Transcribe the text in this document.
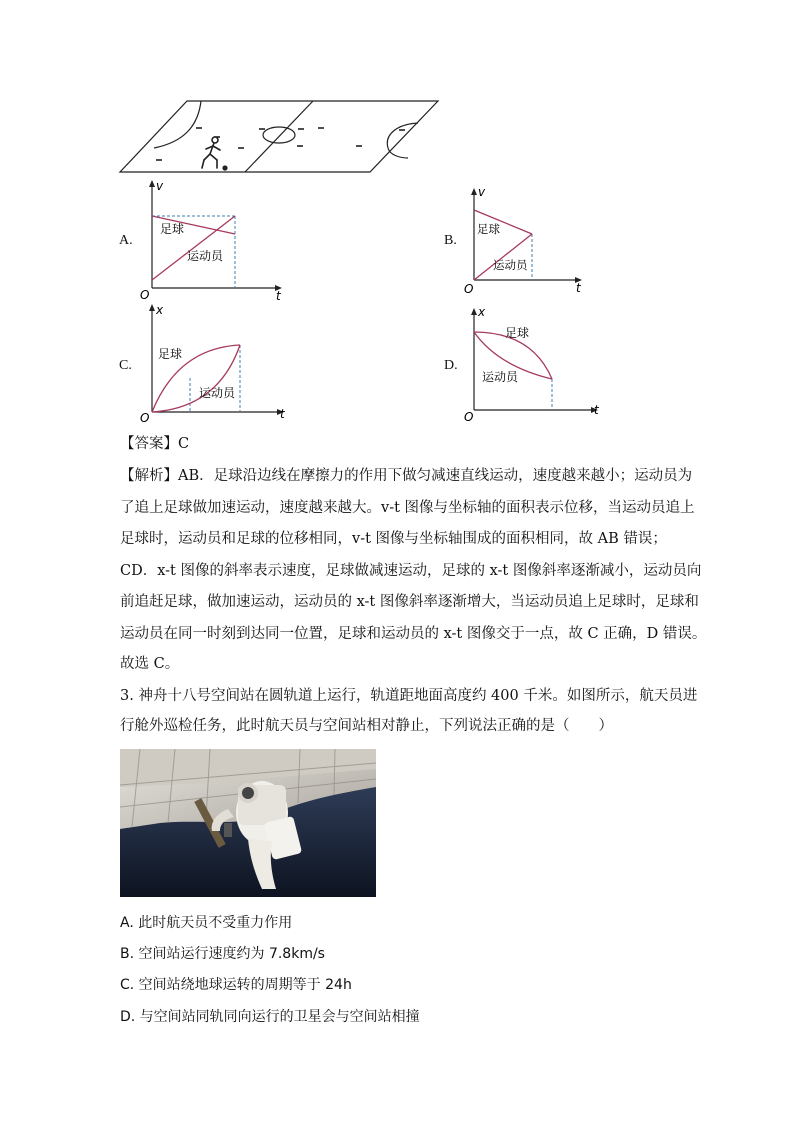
A.
v
t
O
足球
运动员
B.
v
t
O
足球
运动员
C.
x
t
O
足球
运动员
D.
x
t
O
足球
运动员
【答案】C
【解析】AB．足球沿边线在摩擦力的作用下做匀减速直线运动，速度越来越小；运动员为
了追上足球做加速运动，速度越来越大。v-t 图像与坐标轴的面积表示位移，当运动员追上
足球时，运动员和足球的位移相同，v-t 图像与坐标轴围成的面积相同，故 AB 错误；
CD．x-t 图像的斜率表示速度，足球做减速运动，足球的 x-t 图像斜率逐渐减小，运动员向
前追赶足球，做加速运动，运动员的 x-t 图像斜率逐渐增大，当运动员追上足球时，足球和
运动员在同一时刻到达同一位置，足球和运动员的 x-t 图像交于一点，故 C 正确，D 错误。
故选 C。
3. 神舟十八号空间站在圆轨道上运行，轨道距地面高度约 400 千米。如图所示，航天员进
行舱外巡检任务，此时航天员与空间站相对静止，下列说法正确的是（　　）
A. 此时航天员不受重力作用
B. 空间站运行速度约为 7.8km/s
C. 空间站绕地球运转的周期等于 24h
D. 与空间站同轨同向运行的卫星会与空间站相撞
